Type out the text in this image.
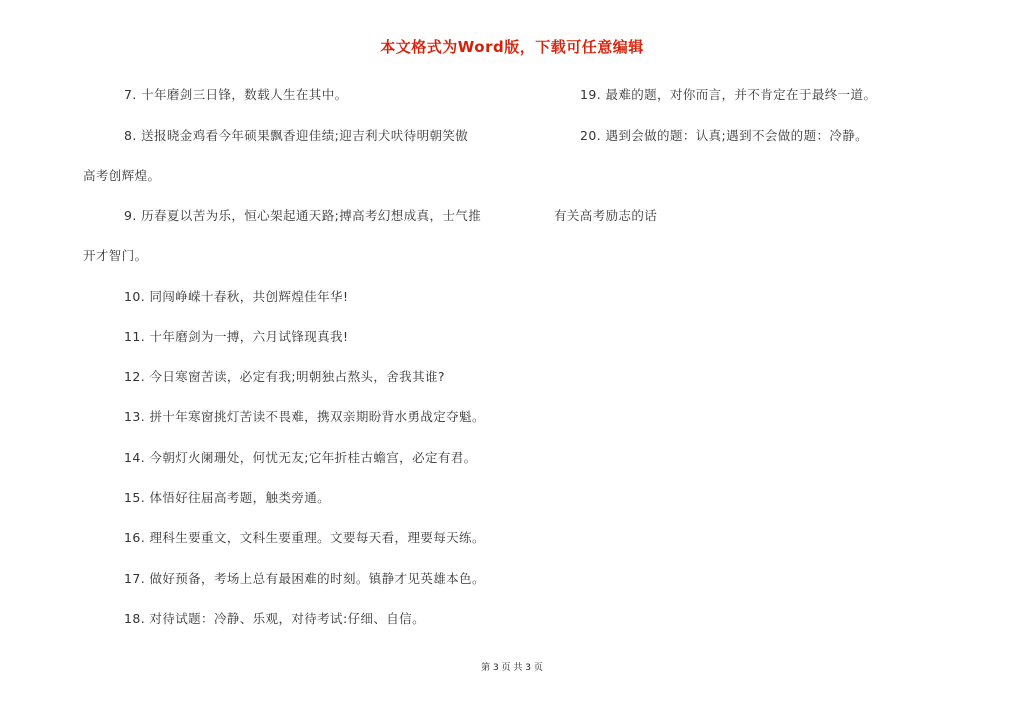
本文格式为Word版，下载可任意编辑
7. 十年磨剑三日锋，数载人生在其中。
8. 送报晓金鸡看今年硕果飘香迎佳绩;迎吉利犬吠待明朝笑傲
高考创辉煌。
9. 历春夏以苦为乐，恒心架起通天路;搏高考幻想成真，士气推
开才智门。
10. 同闯峥嵘十春秋，共创辉煌佳年华!
11. 十年磨剑为一搏，六月试锋现真我!
12. 今日寒窗苦读，必定有我;明朝独占熬头，舍我其谁?
13. 拼十年寒窗挑灯苦读不畏难，携双亲期盼背水勇战定夺魁。
14. 今朝灯火阑珊处，何忧无友;它年折桂古蟾宫，必定有君。
15. 体悟好往届高考题，触类旁通。
16. 理科生要重文，文科生要重理。文要每天看，理要每天练。
17. 做好预备，考场上总有最困难的时刻。镇静才见英雄本色。
18. 对待试题：冷静、乐观，对待考试:仔细、自信。
19. 最难的题，对你而言，并不肯定在于最终一道。
20. 遇到会做的题：认真;遇到不会做的题：冷静。
有关高考励志的话
第 3 页 共 3 页
